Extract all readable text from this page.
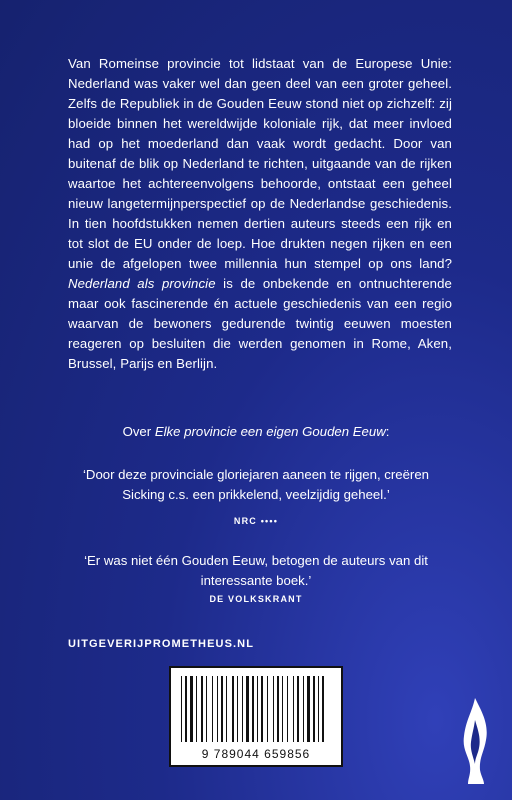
Van Romeinse provincie tot lidstaat van de Europese Unie: Nederland was vaker wel dan geen deel van een groter geheel. Zelfs de Republiek in de Gouden Eeuw stond niet op zichzelf: zij bloeide binnen het wereldwijde koloniale rijk, dat meer invloed had op het moederland dan vaak wordt gedacht. Door van buitenaf de blik op Nederland te richten, uitgaande van de rijken waartoe het achtereenvolgens behoorde, ontstaat een geheel nieuw langetermijnperspectief op de Nederlandse geschiedenis. In tien hoofdstukken nemen dertien auteurs steeds een rijk en tot slot de EU onder de loep. Hoe drukten negen rijken en een unie de afgelopen twee millennia hun stempel op ons land? Nederland als provincie is de onbekende en ontnuchterende maar ook fascinerende én actuele geschiedenis van een regio waarvan de bewoners gedurende twintig eeuwen moesten reageren op besluiten die werden genomen in Rome, Aken, Brussel, Parijs en Berlijn.
Over Elke provincie een eigen Gouden Eeuw:
‘Door deze provinciale gloriejaren aaneen te rijgen, creëren Sicking c.s. een prikkelend, veelzijdig geheel.’
NRC ••••
‘Er was niet één Gouden Eeuw, betogen de auteurs van dit interessante boek.’
DE VOLKSKRANT
UITGEVERIJPROMETHEUS.NL
9 789044 659856
